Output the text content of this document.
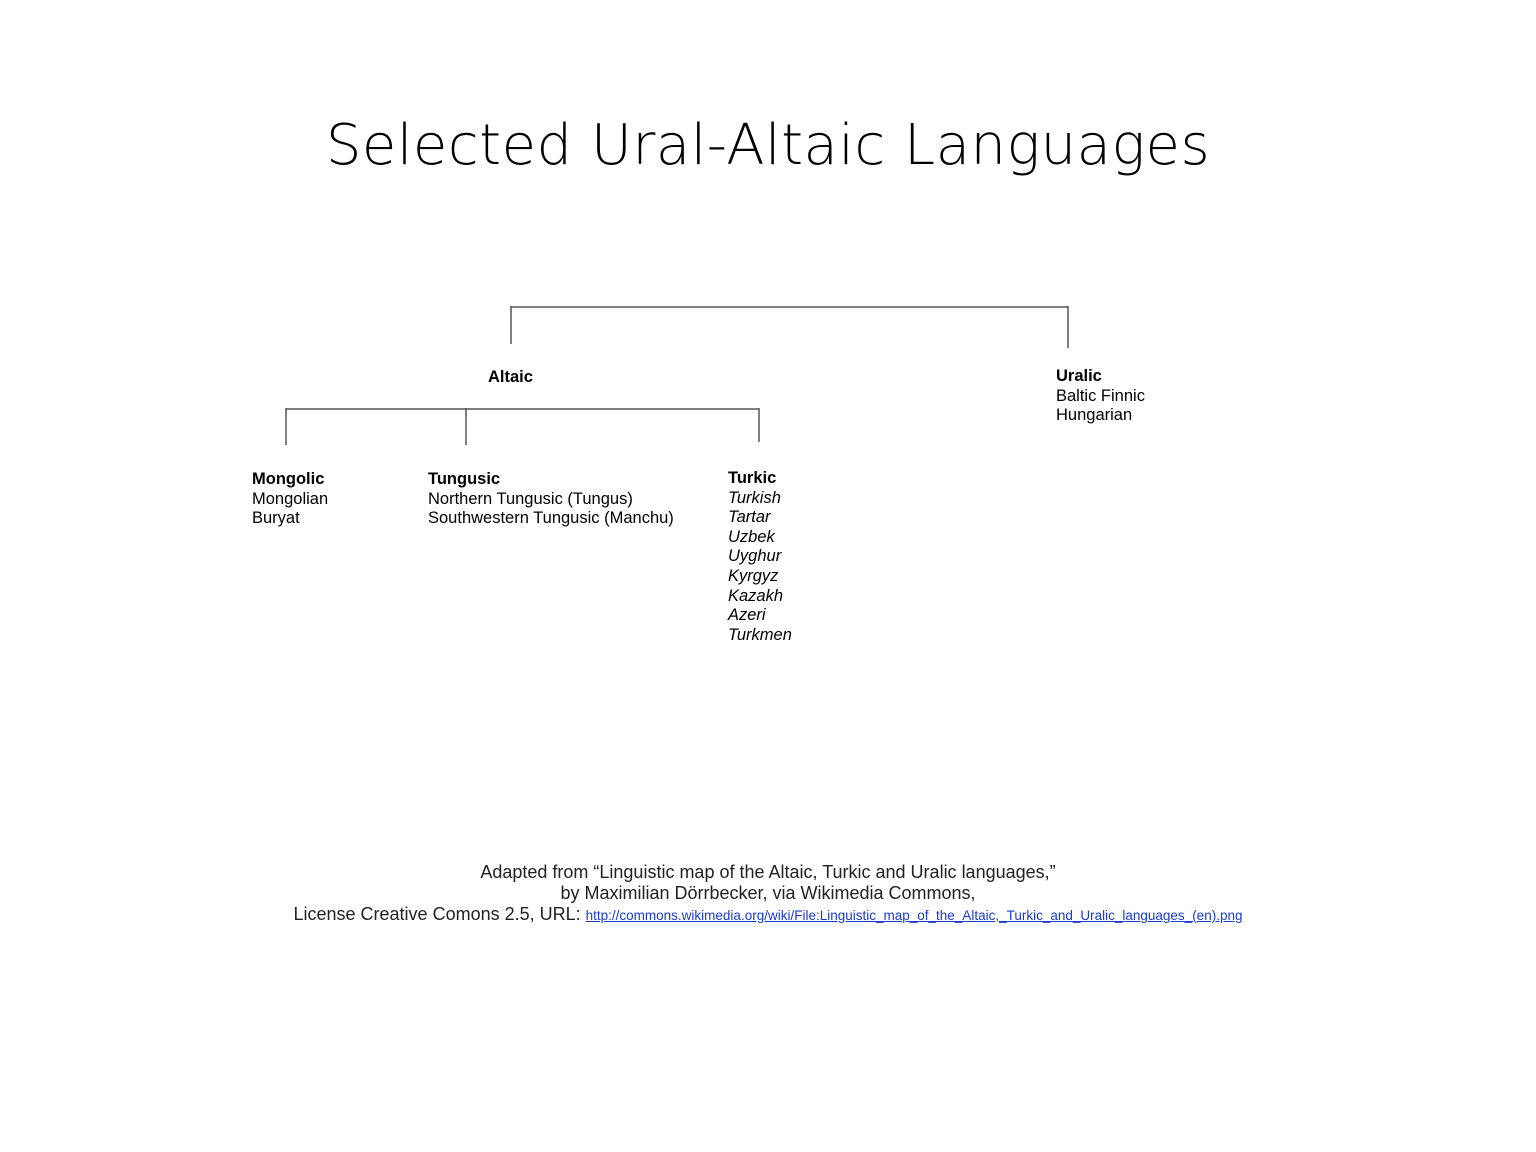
Selected Ural-Altaic Languages
Altaic	Uralic
Baltic Finnic
Hungarian
Mongolic
Mongolian
Buryat
Tungusic
Northern Tungusic (Tungus)
Southwestern Tungusic (Manchu)
Turkic
Turkish
Tartar
Uzbek
Uyghur
Kyrgyz
Kazakh
Azeri
Turkmen
Adapted from “Linguistic map of the Altaic, Turkic and Uralic languages,”
by Maximilian Dörrbecker, via Wikimedia Commons,
License Creative Comons 2.5, URL: http://commons.wikimedia.org/wiki/File:Linguistic_map_of_the_Altaic,_Turkic_and_Uralic_languages_(en).png
